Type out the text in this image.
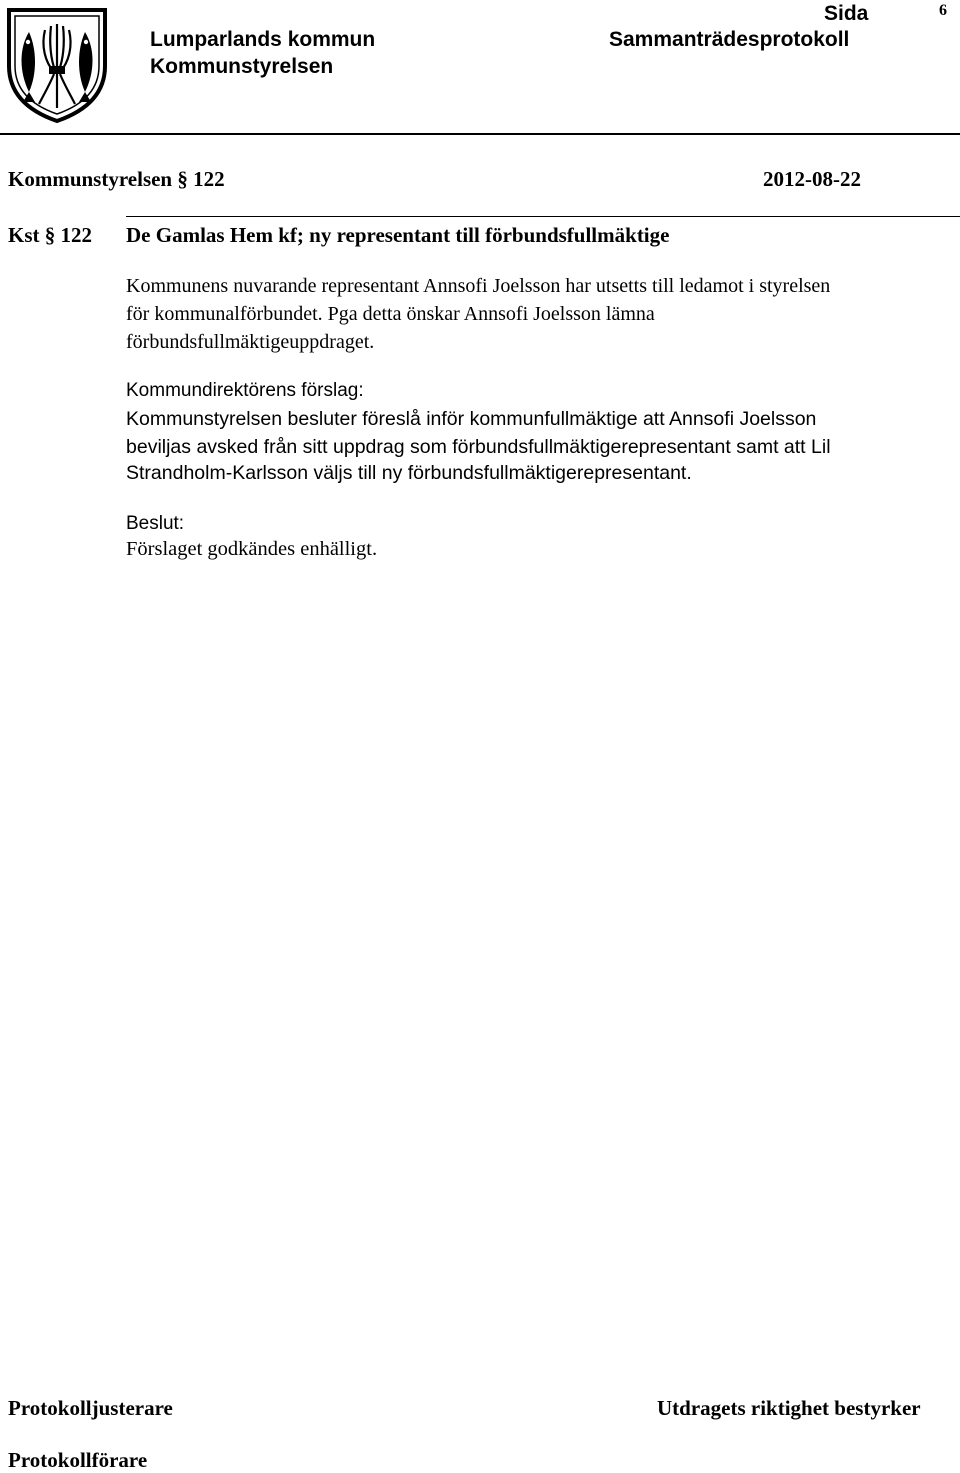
Lumparlands kommun
Kommunstyrelsen
Sammanträdesprotokoll
Sida	6
Kommunstyrelsen § 122	2012-08-22
Kst § 122 De Gamlas Hem kf; ny representant till förbundsfullmäktige
Kommunens nuvarande representant Annsofi Joelsson har utsetts till ledamot i styrelsen
för kommunalförbundet. Pga detta önskar Annsofi Joelsson lämna
förbundsfullmäktigeuppdraget.
Kommundirektörens förslag:
Kommunstyrelsen besluter föreslå inför kommunfullmäktige att Annsofi Joelsson
beviljas avsked från sitt uppdrag som förbundsfullmäktigerepresentant samt att Lil
Strandholm-Karlsson väljs till ny förbundsfullmäktigerepresentant.
Beslut:
Förslaget godkändes enhälligt.
Protokolljusterare	Utdragets riktighet bestyrker
Protokollförare
